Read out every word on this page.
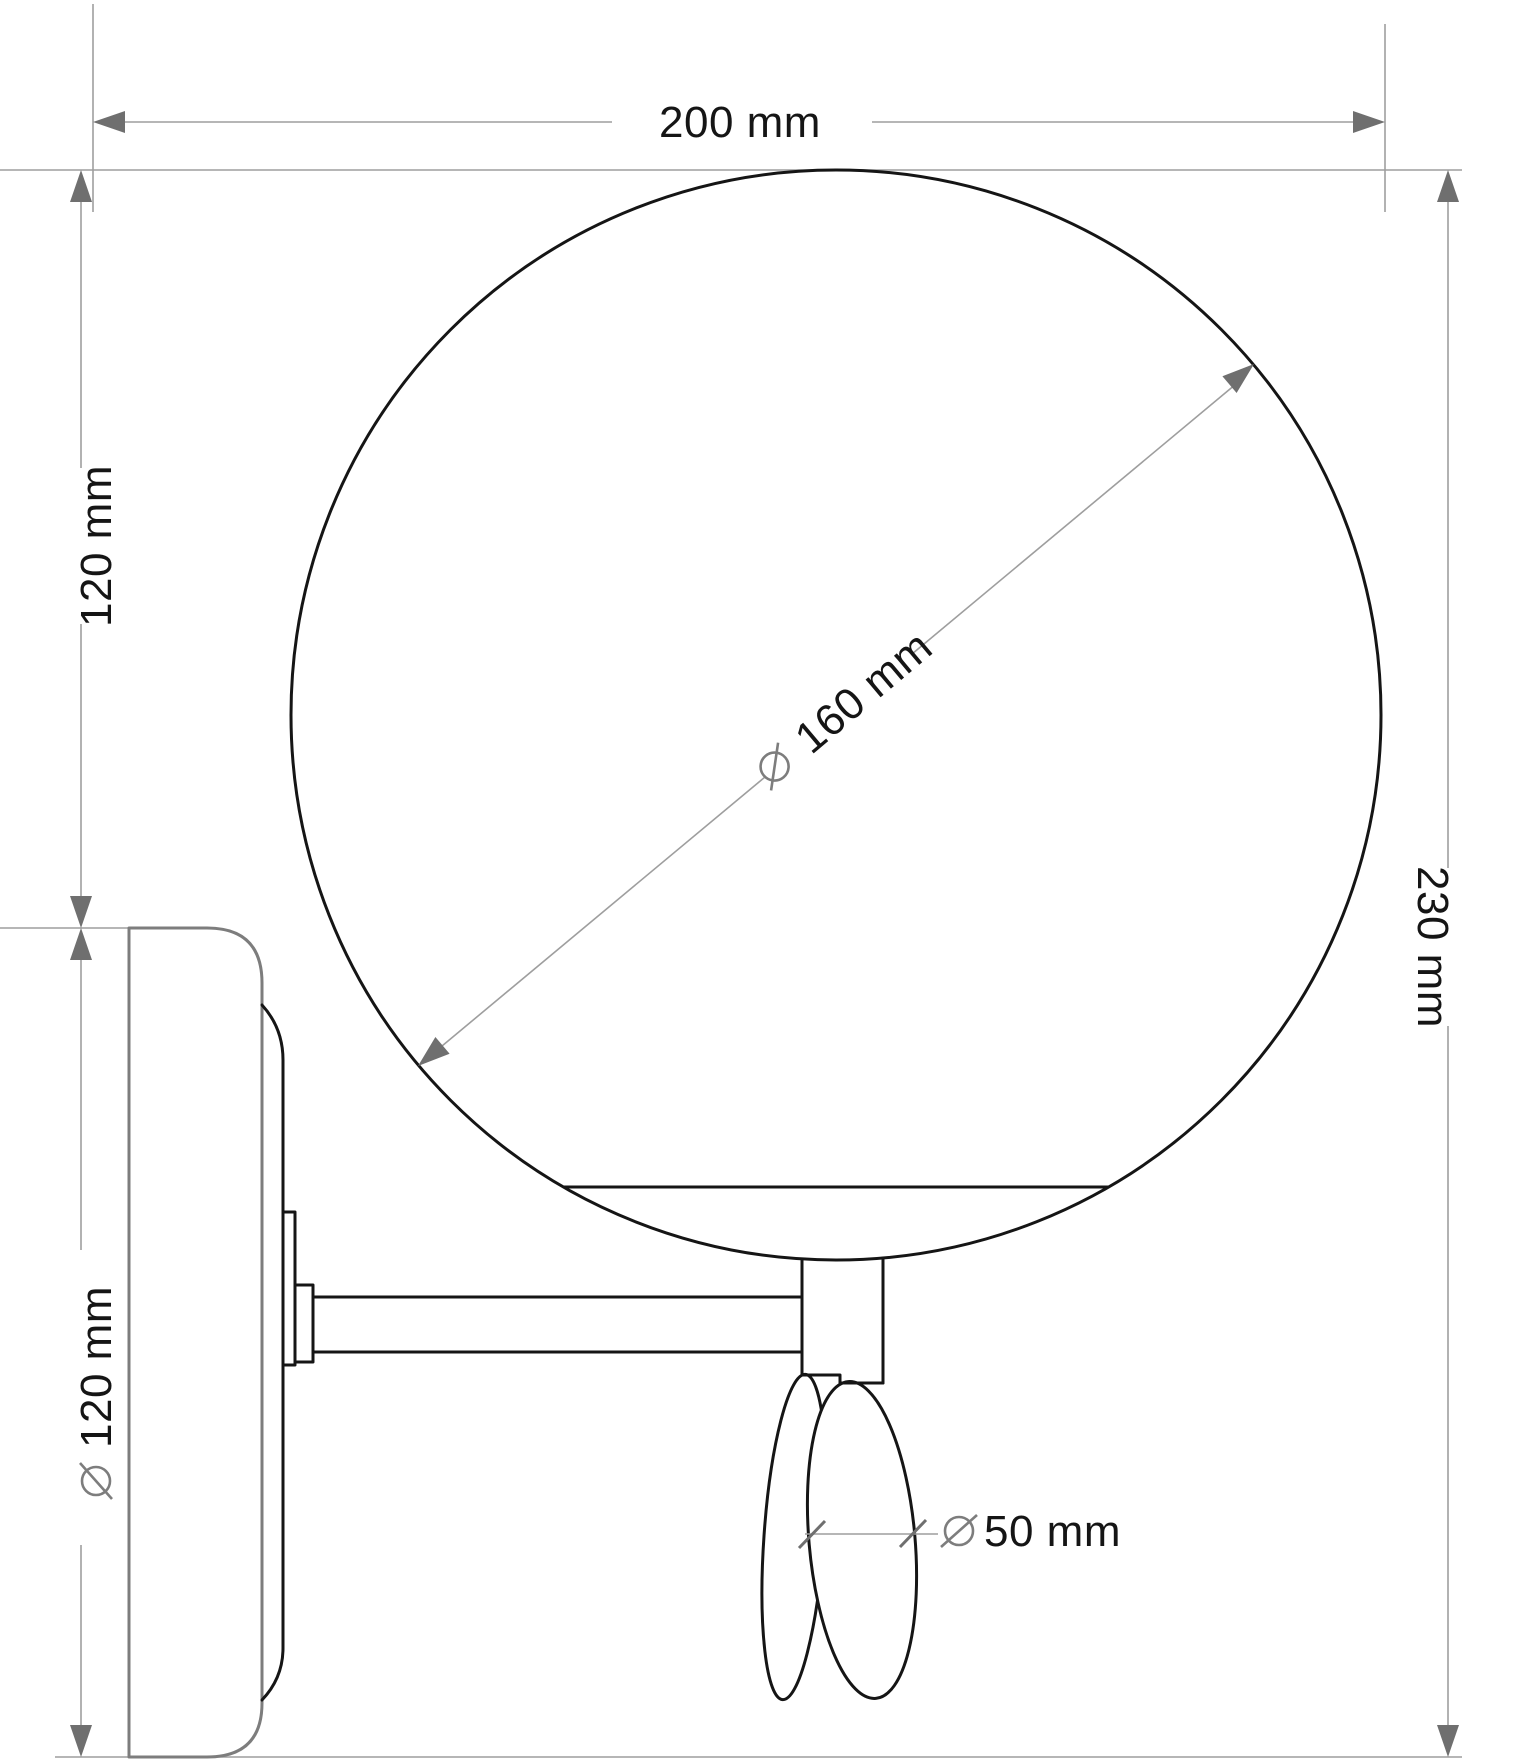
200 mm
120 mm
120 mm
230 mm
160 mm
50 mm
